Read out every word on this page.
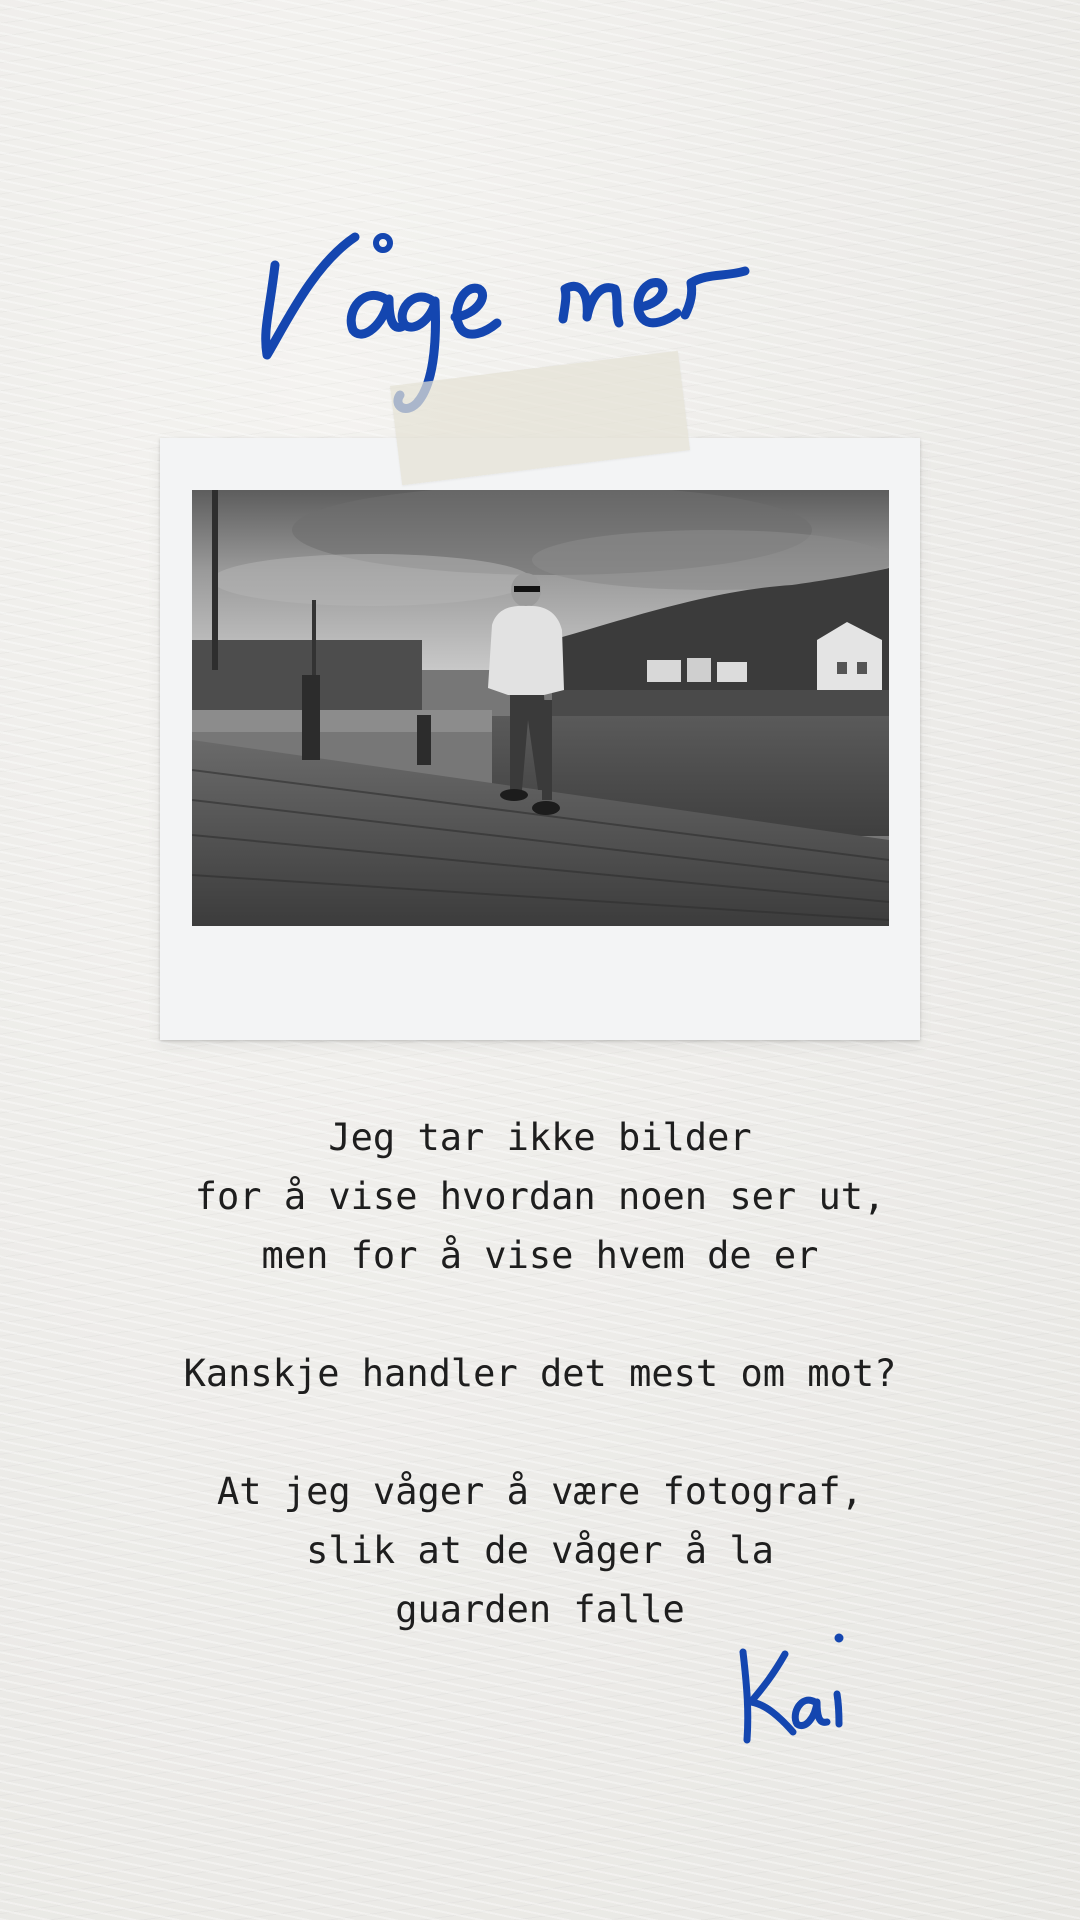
Jeg tar ikke bilder

for å vise hvordan noen ser ut,

men for å vise hvem de er

Kanskje handler det mest om mot?

At jeg våger å være fotograf,

slik at de våger å la

guarden falle
